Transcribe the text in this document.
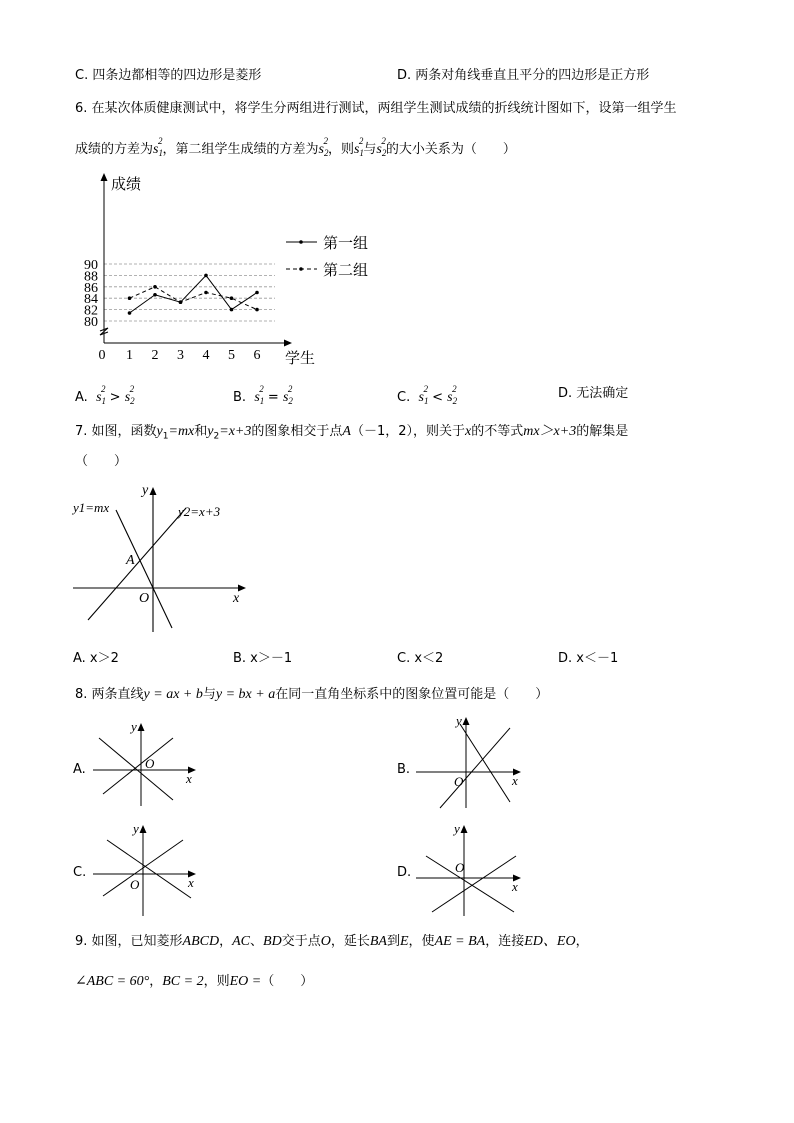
C. 四条边都相等的四边形是菱形	D. 两条对角线垂直且平分的四边形是正方形
6. 在某次体质健康测试中，将学生分两组进行测试，两组学生测试成绩的折线统计图如下，设第一组学生
成绩的方差为$s_1^2$，第二组学生成绩的方差为$s_2^2$，则$s_1^2$与$s_2^2$的大小关系为（　　）
80
82
84
86
88
90
0 1 2 3 4 5 6
成绩
学生
第一组
第二组
A. $s_1^2 > s_2^2$
B. $s_1^2 = s_2^2$
C. $s_1^2 < s_2^2$	D. 无法确定
7. 如图，函数$y_1=mx$和$y_2=x+3$的图象相交于点A（－1，2），则关于x的不等式mx＞x+3的解集是
（　　）
y1=mx	y2=x+3
A
O	x
y
A. x＞2	B. x＞－1	C. x＜2	D. x＜－1
8. 两条直线y = ax + b与y = bx + a在同一直角坐标系中的图象位置可能是（　　）
A.	O
x
y
B.
O	x
y
C.
O	x
y
D.	O
x
y
9. 如图，已知菱形ABCD，AC、BD交于点O，延长BA到E，使AE = BA，连接ED、EO，
∠ABC = 60°，BC = 2，则EO =（　　）
